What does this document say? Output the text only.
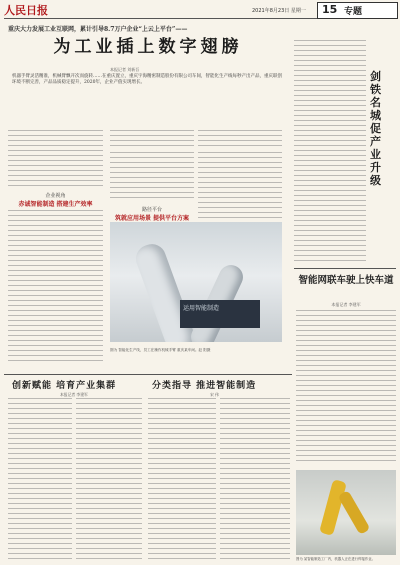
人民日报	2021年8月23日 星期一 15 专题
重庆大力发展工业互联网，累计引导8.7万户企业“上云上平台”——
为工业插上数字翅膀
本报记者 刘新吾
机器手臂灵活精准，机械臂飘开次而旋转……在重庆置立，重庆宇海精密制造股份有限公司车间，智能化生产线每秒产出产品，重庆联创环境不断完善，产品品质稳定提升，2020年，企业产值实现增长。
企业视角
赤诚智能制造 搭建生产效率
路径平台
筑就应用场景 提供平台方案
运用智能制造
图为 智能化生产线，员工在操作机械手臂 重庆某车间。赵 阳摄
剑铁名城 促产业升级
智能网联车驶上快车道
本报记者 李建军
创新赋能 培育产业集群
本报记者 李建军
分类指导 推进智能制造
宋 伟
图为 某智能制造工厂内，机器人正在进行焊接作业。
